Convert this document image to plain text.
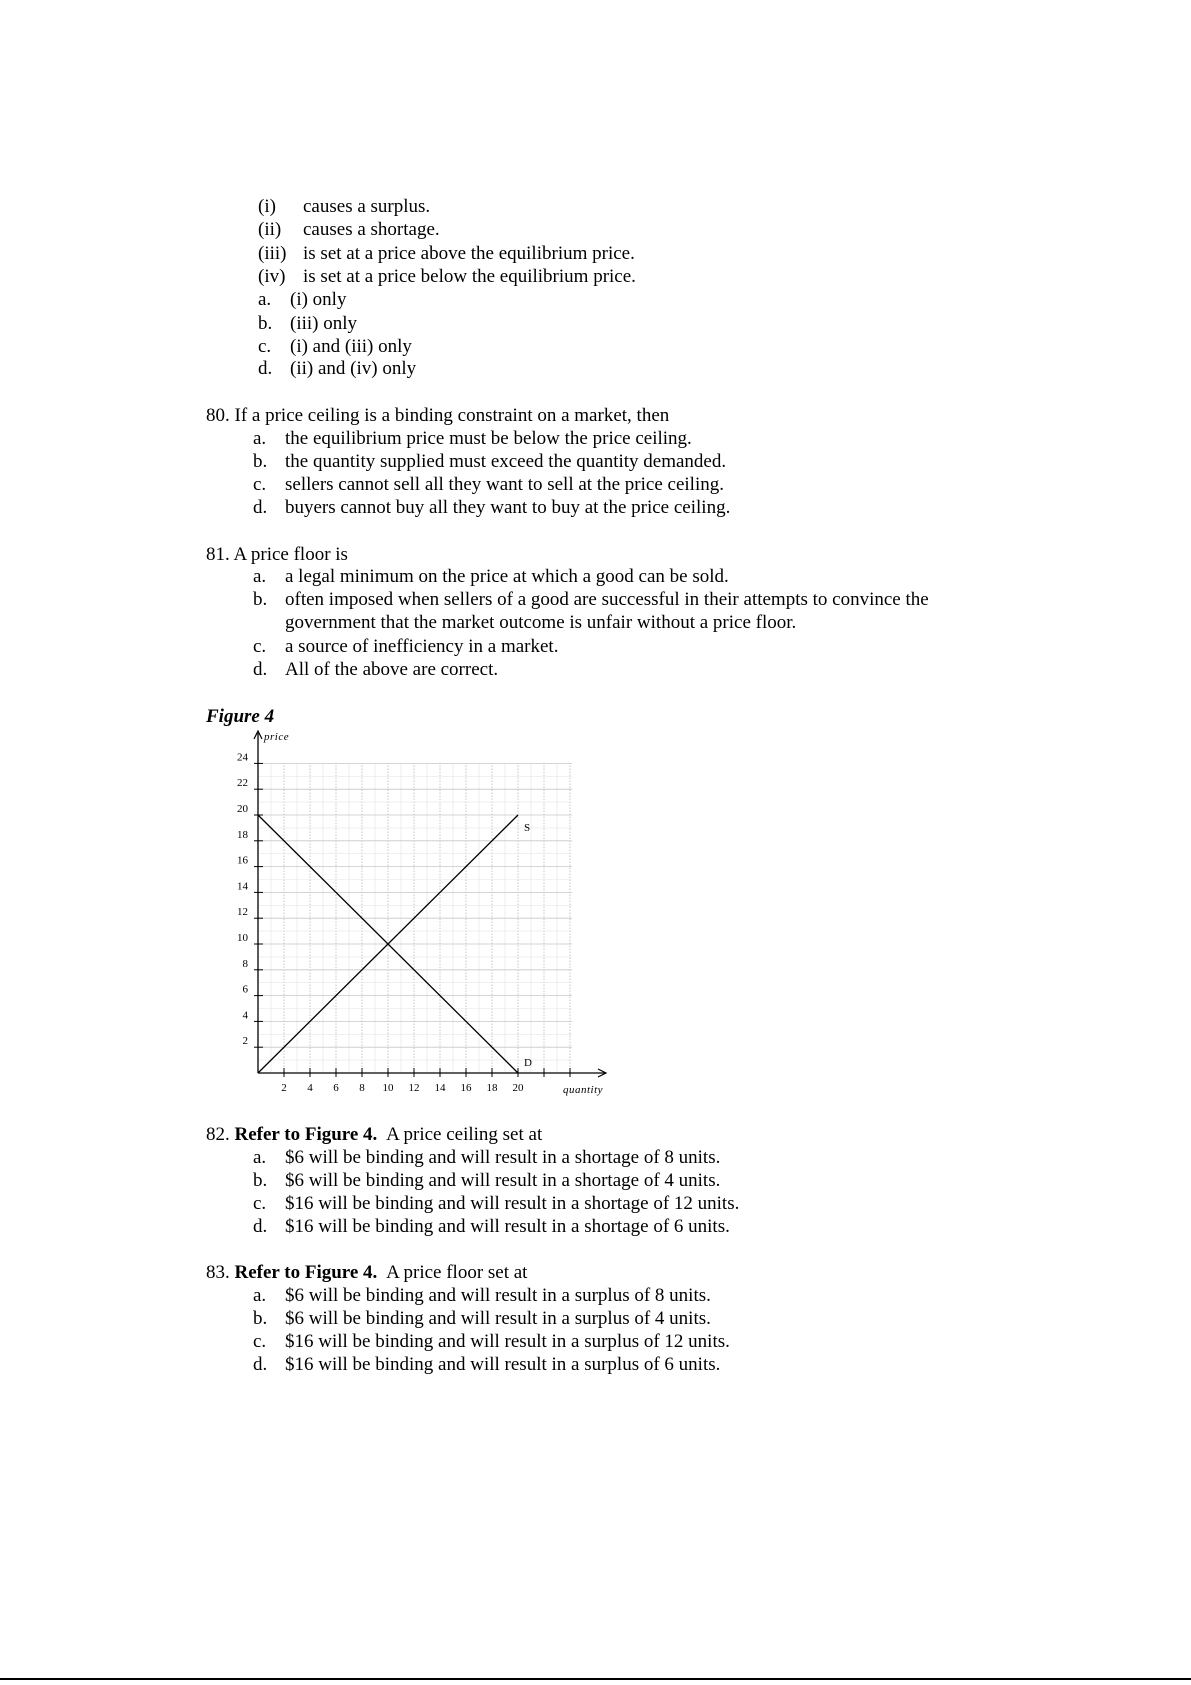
(i) causes a surplus.
(ii) causes a shortage.
(iii) is set at a price above the equilibrium price.
(iv) is set at a price below the equilibrium price.
a. (i) only
b. (iii) only
c. (i) and (iii) only
d. (ii) and (iv) only
80. If a price ceiling is a binding constraint on a market, then
a. the equilibrium price must be below the price ceiling.
b. the quantity supplied must exceed the quantity demanded.
c. sellers cannot sell all they want to sell at the price ceiling.
d. buyers cannot buy all they want to buy at the price ceiling.
81. A price floor is
a. a legal minimum on the price at which a good can be sold.
b. often imposed when sellers of a good are successful in their attempts to convince the
government that the market outcome is unfair without a price floor.
c. a source of inefficiency in a market.
d. All of the above are correct.
Figure 4
2
4
6
8
10
12
14
16
18
20
22
24
2 4 6 8 10 12 14 16 18 20
price
quantity
S
D
82. Refer to Figure 4. A price ceiling set at
a. $6 will be binding and will result in a shortage of 8 units.
b. $6 will be binding and will result in a shortage of 4 units.
c. $16 will be binding and will result in a shortage of 12 units.
d. $16 will be binding and will result in a shortage of 6 units.
83. Refer to Figure 4. A price floor set at
a. $6 will be binding and will result in a surplus of 8 units.
b. $6 will be binding and will result in a surplus of 4 units.
c. $16 will be binding and will result in a surplus of 12 units.
d. $16 will be binding and will result in a surplus of 6 units.
